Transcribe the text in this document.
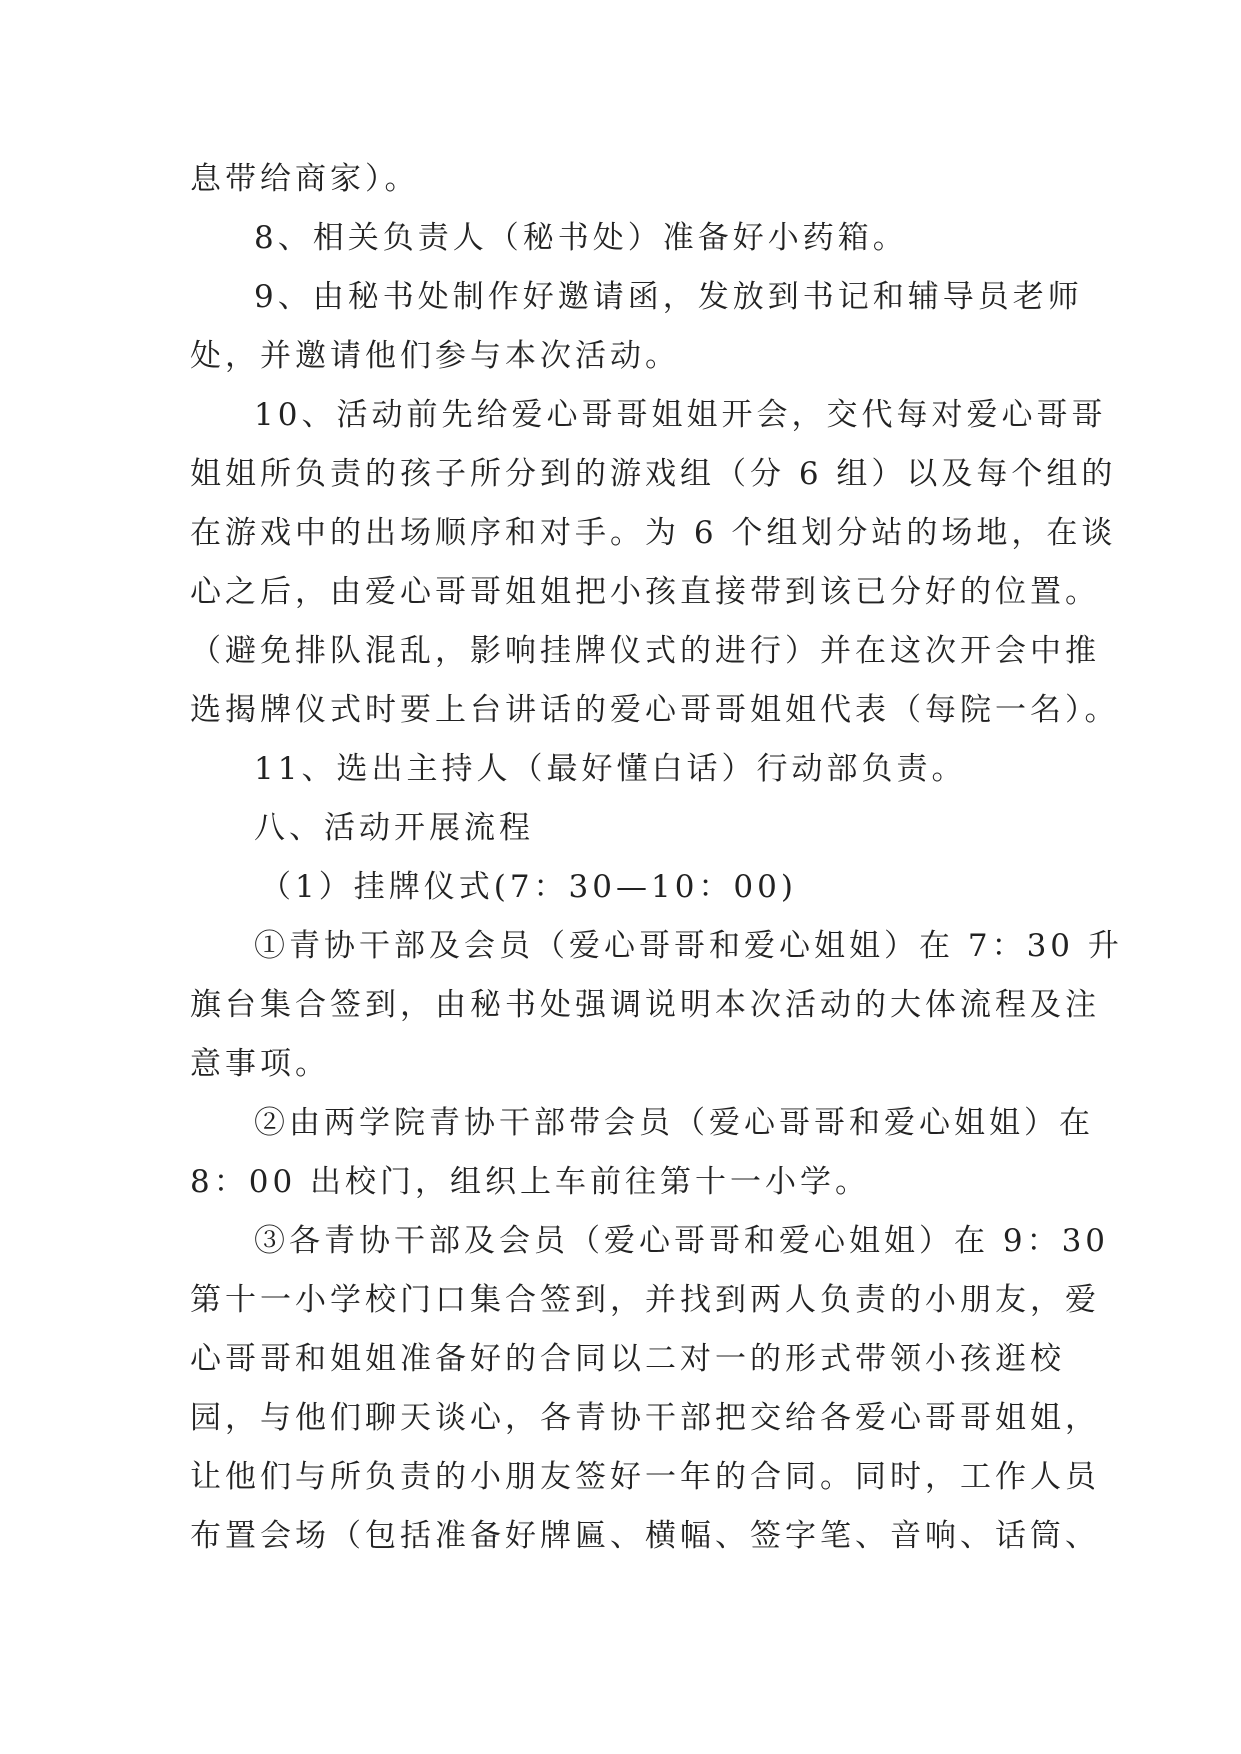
息带给商家）。
8、相关负责人（秘书处）准备好小药箱。
9、由秘书处制作好邀请函，发放到书记和辅导员老师
处，并邀请他们参与本次活动。
10、活动前先给爱心哥哥姐姐开会，交代每对爱心哥哥
姐姐所负责的孩子所分到的游戏组（分 6 组）以及每个组的
在游戏中的出场顺序和对手。为 6 个组划分站的场地，在谈
心之后，由爱心哥哥姐姐把小孩直接带到该已分好的位置。
（避免排队混乱，影响挂牌仪式的进行）并在这次开会中推
选揭牌仪式时要上台讲话的爱心哥哥姐姐代表（每院一名）。
11、选出主持人（最好懂白话）行动部负责。
八、活动开展流程
（1）挂牌仪式(7：30—10：00)
①青协干部及会员（爱心哥哥和爱心姐姐）在 7：30 升
旗台集合签到，由秘书处强调说明本次活动的大体流程及注
意事项。
②由两学院青协干部带会员（爱心哥哥和爱心姐姐）在
8：00 出校门，组织上车前往第十一小学。
③各青协干部及会员（爱心哥哥和爱心姐姐）在 9：30
第十一小学校门口集合签到，并找到两人负责的小朋友，爱
心哥哥和姐姐准备好的合同以二对一的形式带领小孩逛校
园，与他们聊天谈心，各青协干部把交给各爱心哥哥姐姐，
让他们与所负责的小朋友签好一年的合同。同时，工作人员
布置会场（包括准备好牌匾、横幅、签字笔、音响、话筒、
